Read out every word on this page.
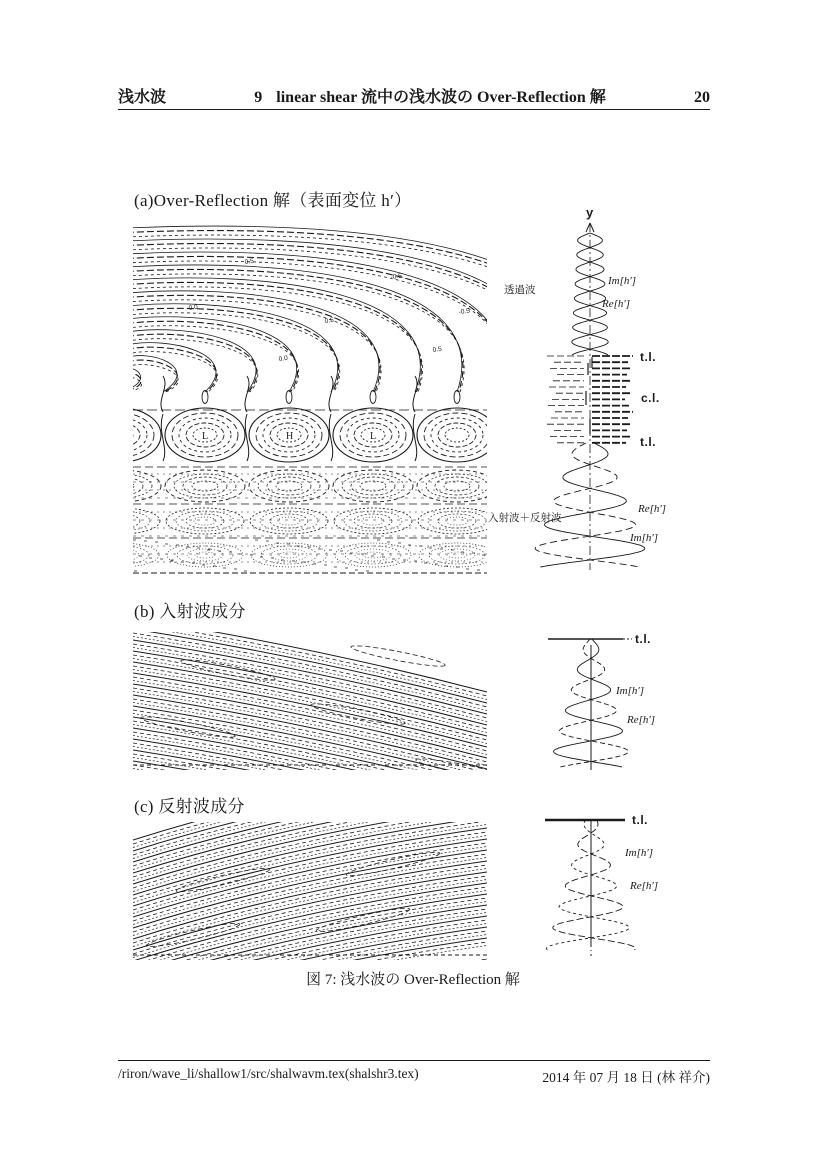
浅水波	9 linear shear 流中の浅水波の Over-Reflection 解	20
(a)Over-Reflection 解（表面変位 h′）
0.5
-0.5
0.0
0.5
-0.5
0.0
0.5
L	H	L
y
透過波
Im[h′]
Re[h′]
t.l.
c.l.
t.l.
入射波＋反射波
Re[h′]
Im[h′]
(b) 入射波成分
t.l.
Im[h′]
Re[h′]
(c) 反射波成分
t.l.
Im[h′]
Re[h′]
図 7: 浅水波の Over-Reflection 解
/riron/wave_li/shallow1/src/shalwavm.tex(shalshr3.tex)	2014 年 07 月 18 日 (林 祥介)
